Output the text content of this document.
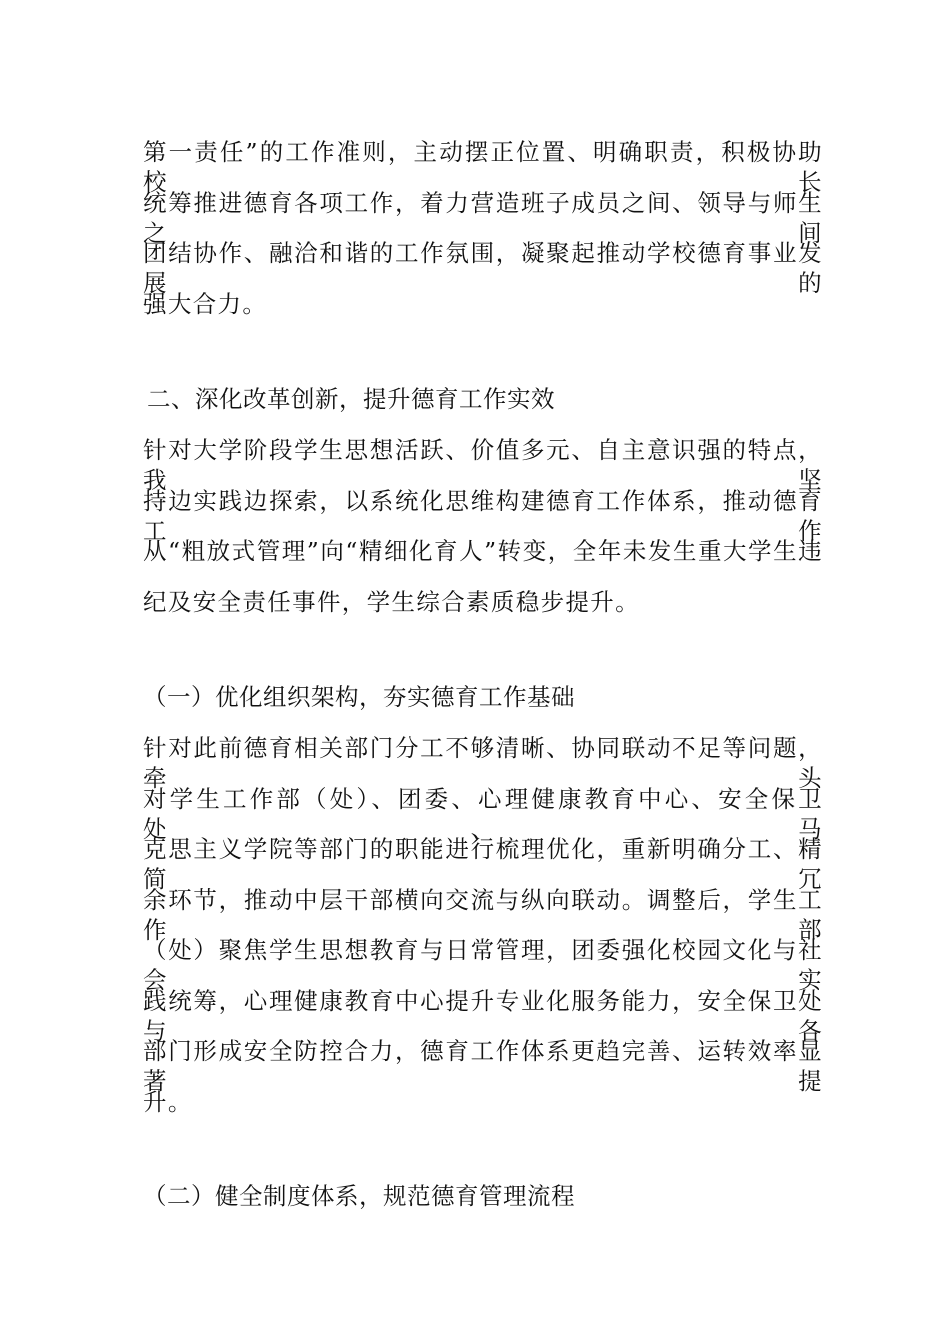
第一责任”的工作准则，主动摆正位置、明确职责，积极协助校长
统筹推进德育各项工作，着力营造班子成员之间、领导与师生之间
团结协作、融洽和谐的工作氛围，凝聚起推动学校德育事业发展的
强大合力。
二、深化改革创新，提升德育工作实效
针对大学阶段学生思想活跃、价值多元、自主意识强的特点，我坚
持边实践边探索，以系统化思维构建德育工作体系，推动德育工作
从“粗放式管理”向“精细化育人”转变，全年未发生重大学生违
纪及安全责任事件，学生综合素质稳步提升。
（一）优化组织架构，夯实德育工作基础
针对此前德育相关部门分工不够清晰、协同联动不足等问题，牵头
对学生工作部（处）、团委、心理健康教育中心、安全保卫处、马
克思主义学院等部门的职能进行梳理优化，重新明确分工、精简冗
余环节，推动中层干部横向交流与纵向联动。调整后，学生工作部
（处）聚焦学生思想教育与日常管理，团委强化校园文化与社会实
践统筹，心理健康教育中心提升专业化服务能力，安全保卫处与各
部门形成安全防控合力，德育工作体系更趋完善、运转效率显著提
升。
（二）健全制度体系，规范德育管理流程
